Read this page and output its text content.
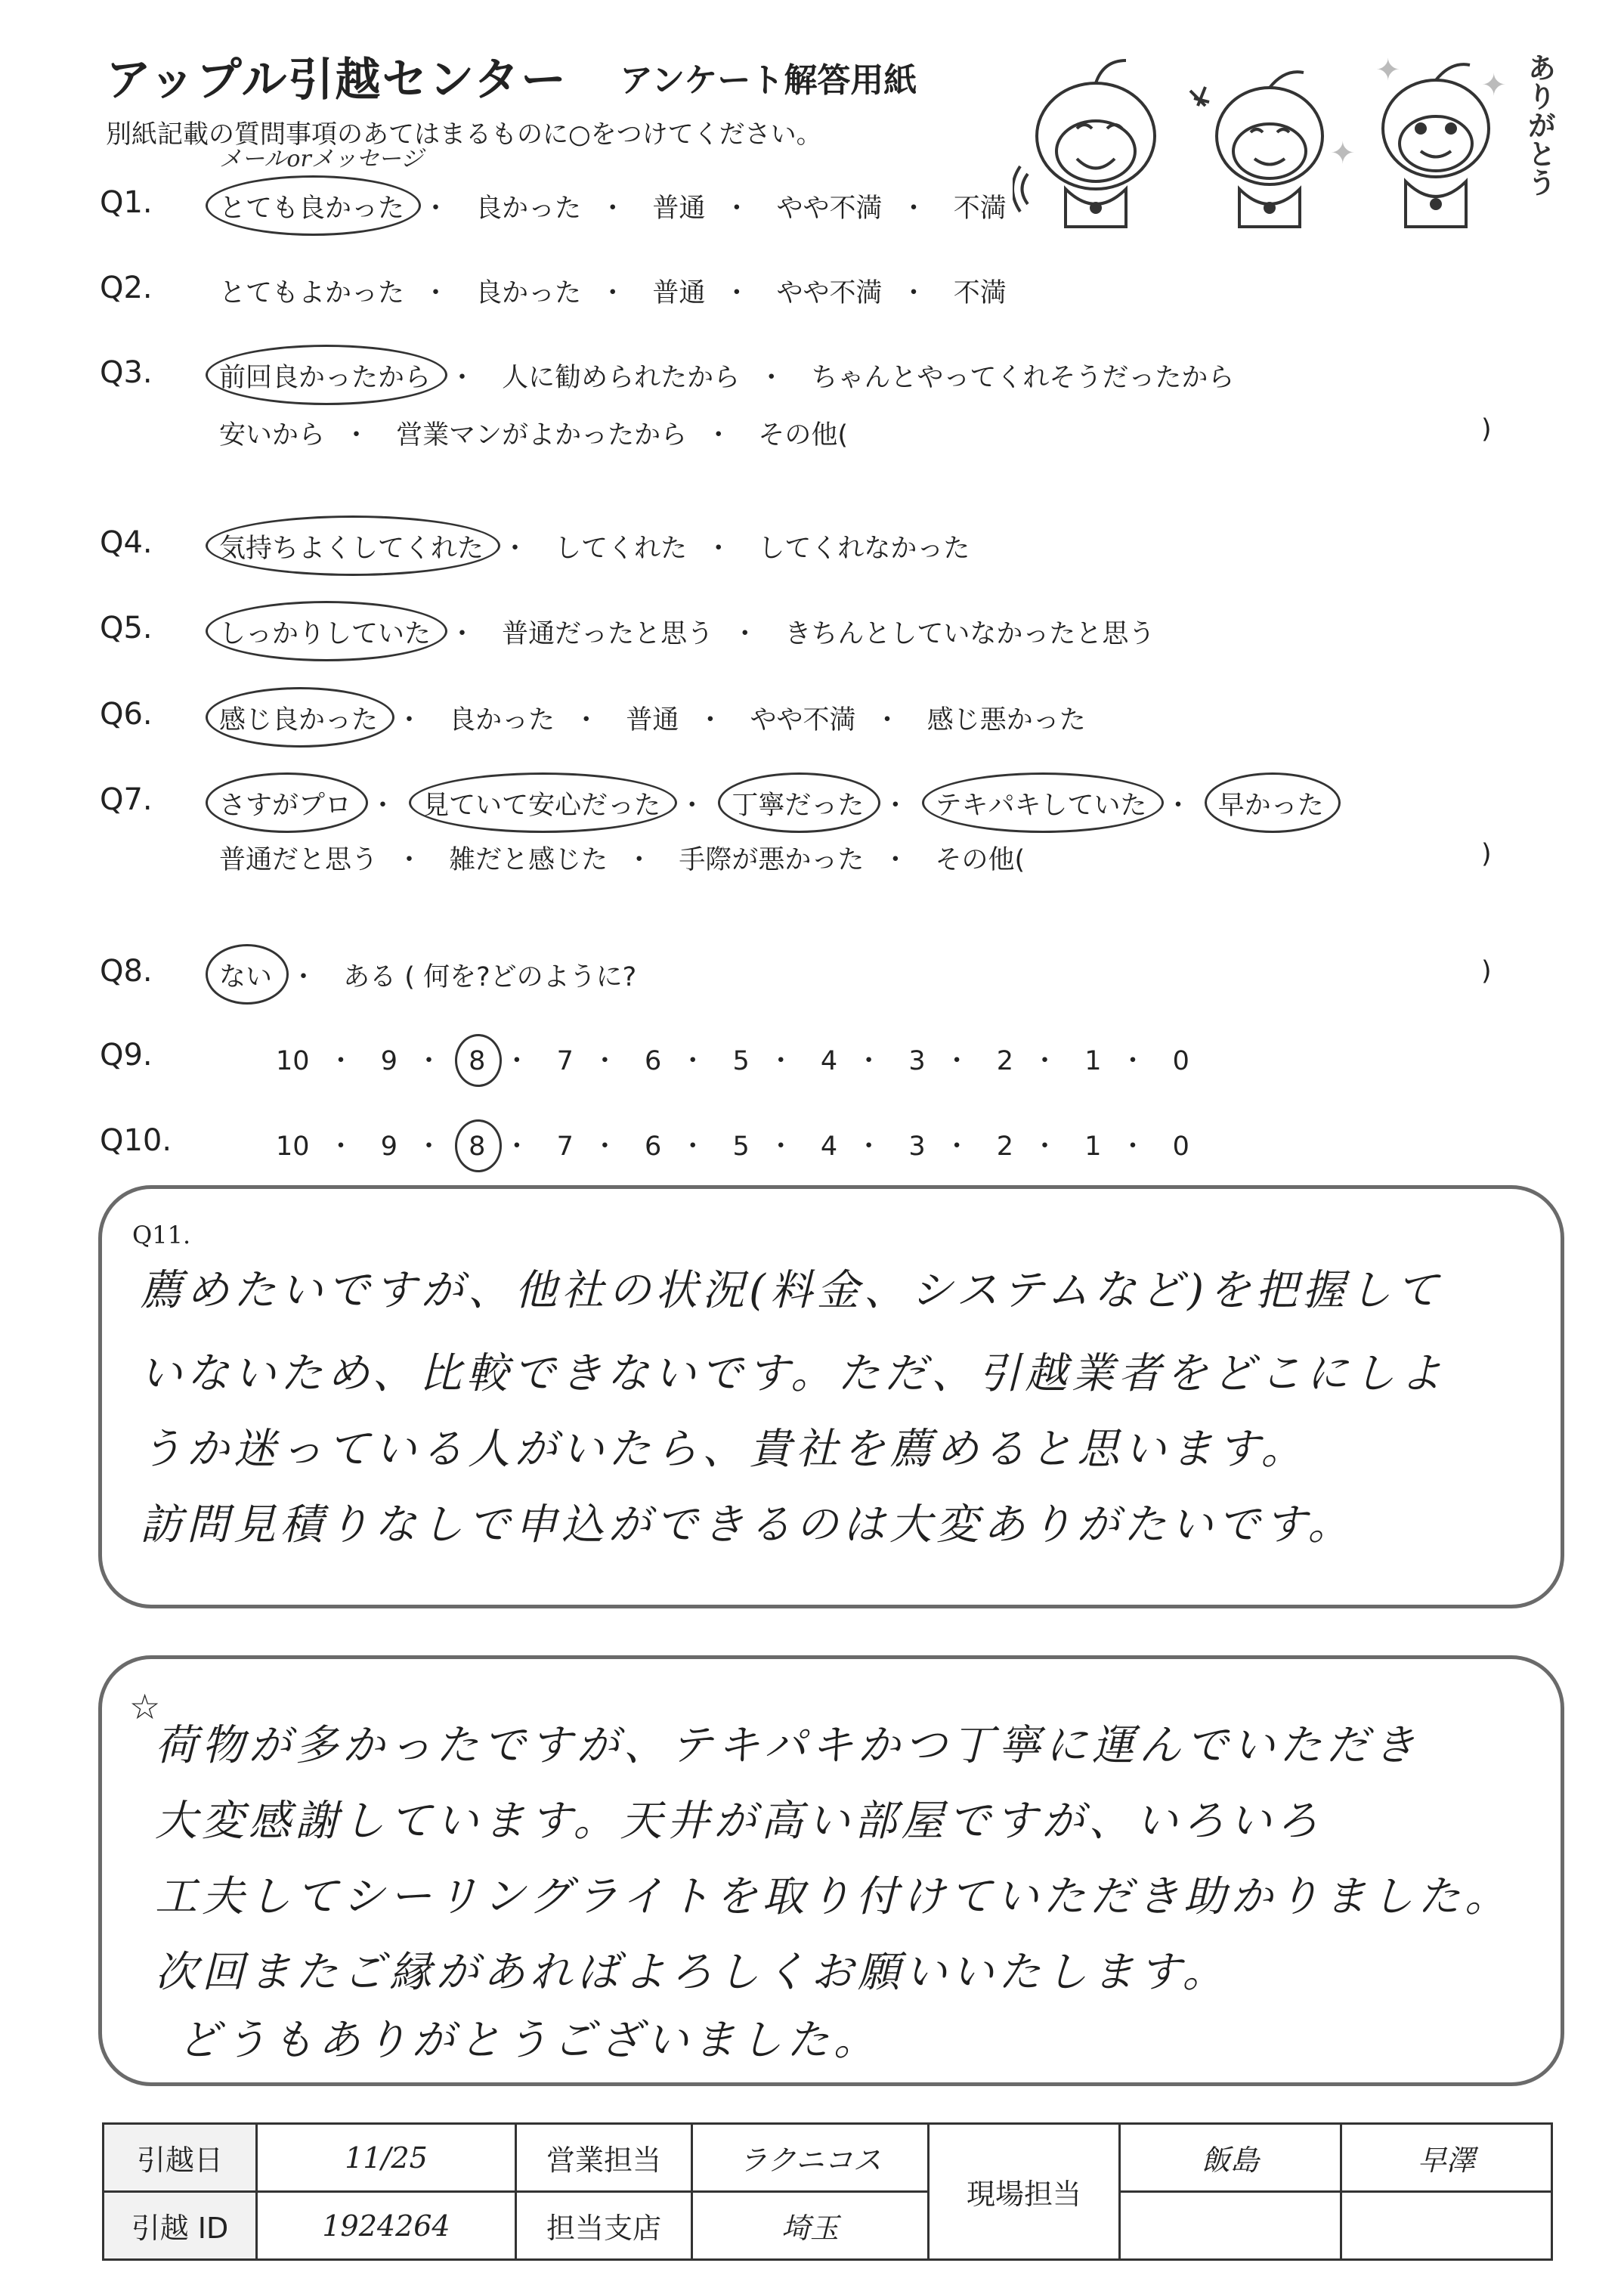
アップル引越センター アンケート解答用紙
別紙記載の質問事項のあてはまるものに○をつけてください。
✦	✦
✦	ありがとう
メールorメッセージ
Q1.	とても良かった ・ 良かった ・ 普通 ・ やや不満 ・ 不満
Q2.	とてもよかった ・ 良かった ・ 普通 ・ やや不満 ・ 不満
Q3.	前回良かったから ・ 人に勧められたから ・ ちゃんとやってくれそうだったから
安いから ・ 営業マンがよかったから ・ その他(	)
Q4.	気持ちよくしてくれた ・ してくれた ・ してくれなかった
Q5.	しっかりしていた ・ 普通だったと思う ・ きちんとしていなかったと思う
Q6.	感じ良かった ・ 良かった ・ 普通 ・ やや不満 ・ 感じ悪かった
Q7.	さすがプロ ・ 見ていて安心だった ・ 丁寧だった ・ テキパキしていた ・ 早かった
普通だと思う ・ 雑だと感じた ・ 手際が悪かった ・ その他(	)
Q8.	ない ・ ある ( 何を?どのように?	)
Q9.	10 ・ 9 ・ 8 ・ 7 ・ 6 ・ 5 ・ 4 ・ 3 ・ 2 ・ 1 ・ 0
Q10.	10 ・ 9 ・ 8 ・ 7 ・ 6 ・ 5 ・ 4 ・ 3 ・ 2 ・ 1 ・ 0
Q11.
薦めたいですが、他社の状況(料金、システムなど)を把握して
いないため、比較できないです。ただ、引越業者をどこにしよ
うか迷っている人がいたら、貴社を薦めると思います。
訪問見積りなしで申込ができるのは大変ありがたいです。
☆
荷物が多かったですが、テキパキかつ丁寧に運んでいただき
大変感謝しています。天井が高い部屋ですが、いろいろ
工夫してシーリングライトを取り付けていただき助かりました。
次回またご縁があればよろしくお願いいたします。
どうもありがとうございました。
引越日	11/25	営業担当	ラクニコス	現場担当	飯島	早澤
引越 ID	1924264	担当支店	埼玉			
